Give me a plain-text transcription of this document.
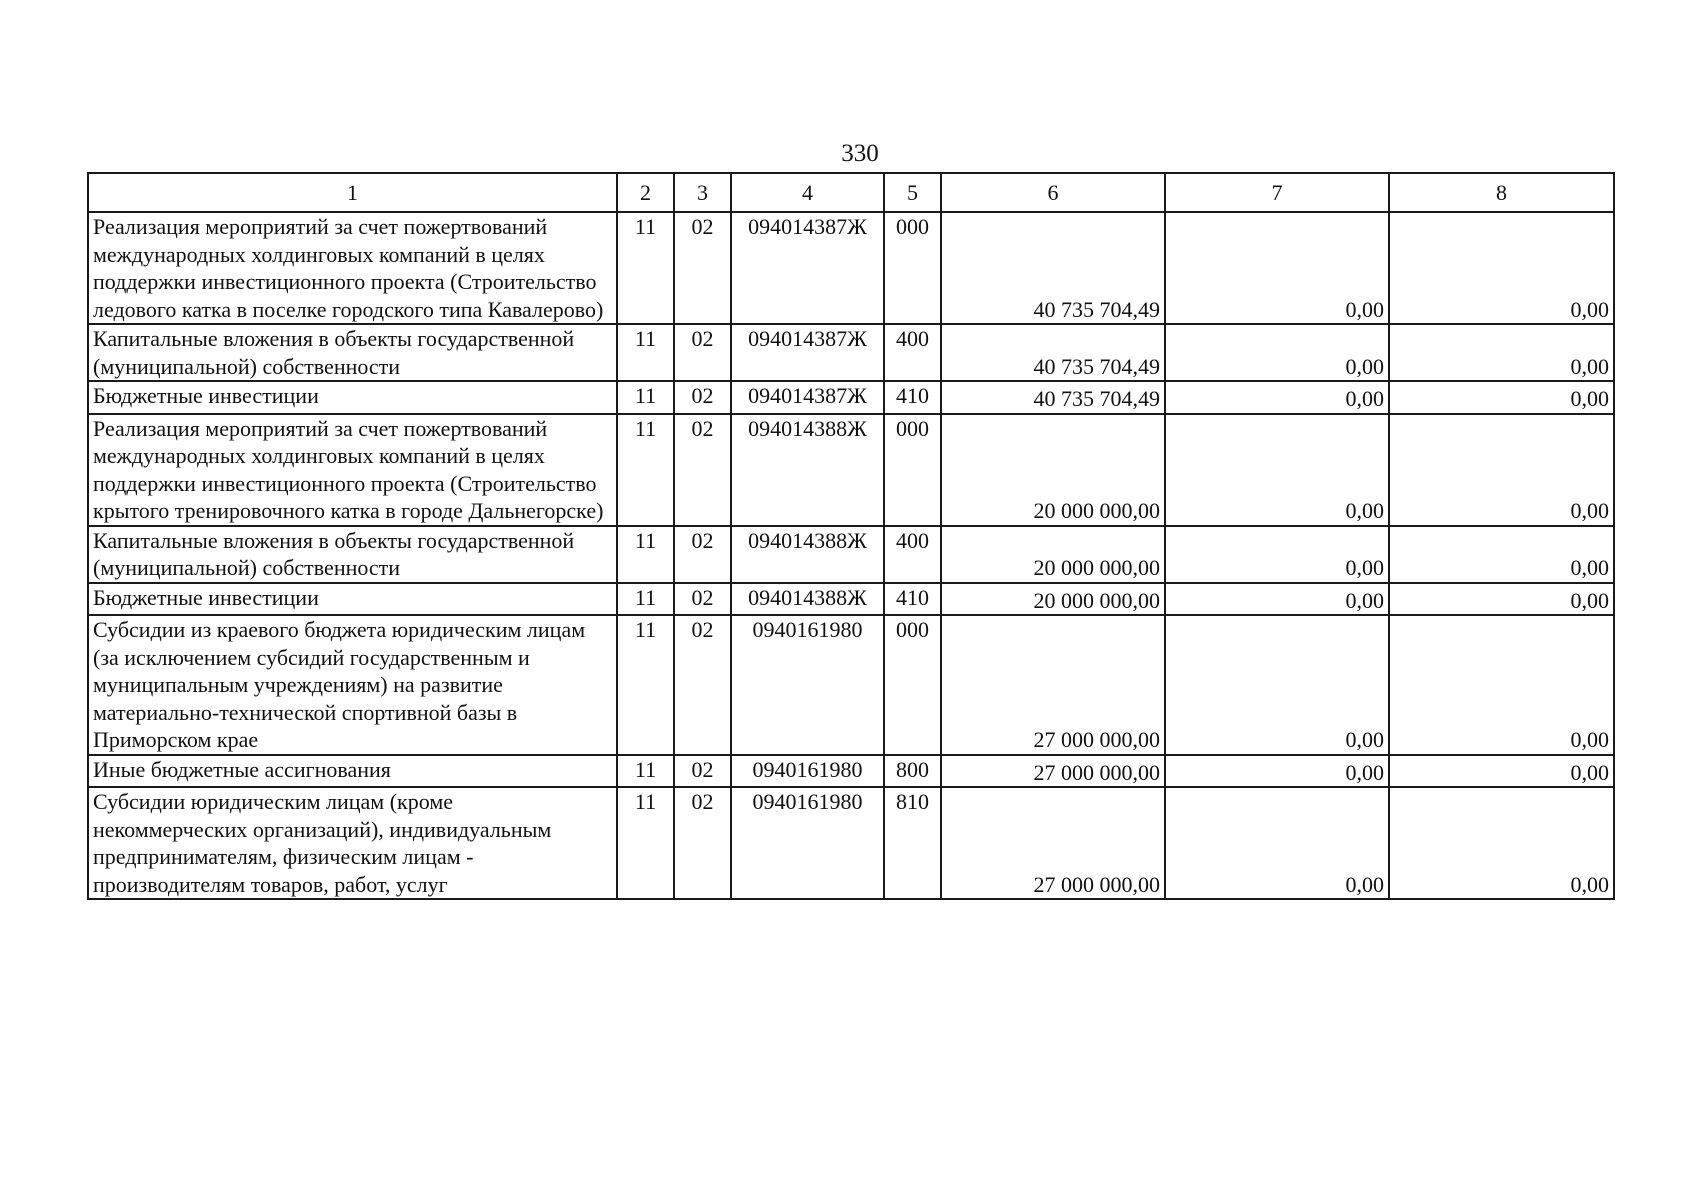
330
1	2	3	4	5	6	7	8
Реализация мероприятий за счет пожертвований международных холдинговых компаний в целях поддержки инвестиционного проекта (Строительство ледового катка в поселке городского типа Кавалерово)	11	02	094014387Ж	000	40 735 704,49	0,00	0,00
Капитальные вложения в объекты государственной (муниципальной) собственности	11	02	094014387Ж	400	40 735 704,49	0,00	0,00
Бюджетные инвестиции	11	02	094014387Ж	410	40 735 704,49	0,00	0,00
Реализация мероприятий за счет пожертвований международных холдинговых компаний в целях поддержки инвестиционного проекта (Строительство крытого тренировочного катка в городе Дальнегорске)	11	02	094014388Ж	000	20 000 000,00	0,00	0,00
Капитальные вложения в объекты государственной (муниципальной) собственности	11	02	094014388Ж	400	20 000 000,00	0,00	0,00
Бюджетные инвестиции	11	02	094014388Ж	410	20 000 000,00	0,00	0,00
Субсидии из краевого бюджета юридическим лицам (за исключением субсидий государственным и муниципальным учреждениям) на развитие материально-технической спортивной базы в Приморском крае	11	02	0940161980	000	27 000 000,00	0,00	0,00
Иные бюджетные ассигнования	11	02	0940161980	800	27 000 000,00	0,00	0,00
Субсидии юридическим лицам (кроме некоммерческих организаций), индивидуальным предпринимателям, физическим лицам - производителям товаров, работ, услуг	11	02	0940161980	810	27 000 000,00	0,00	0,00
